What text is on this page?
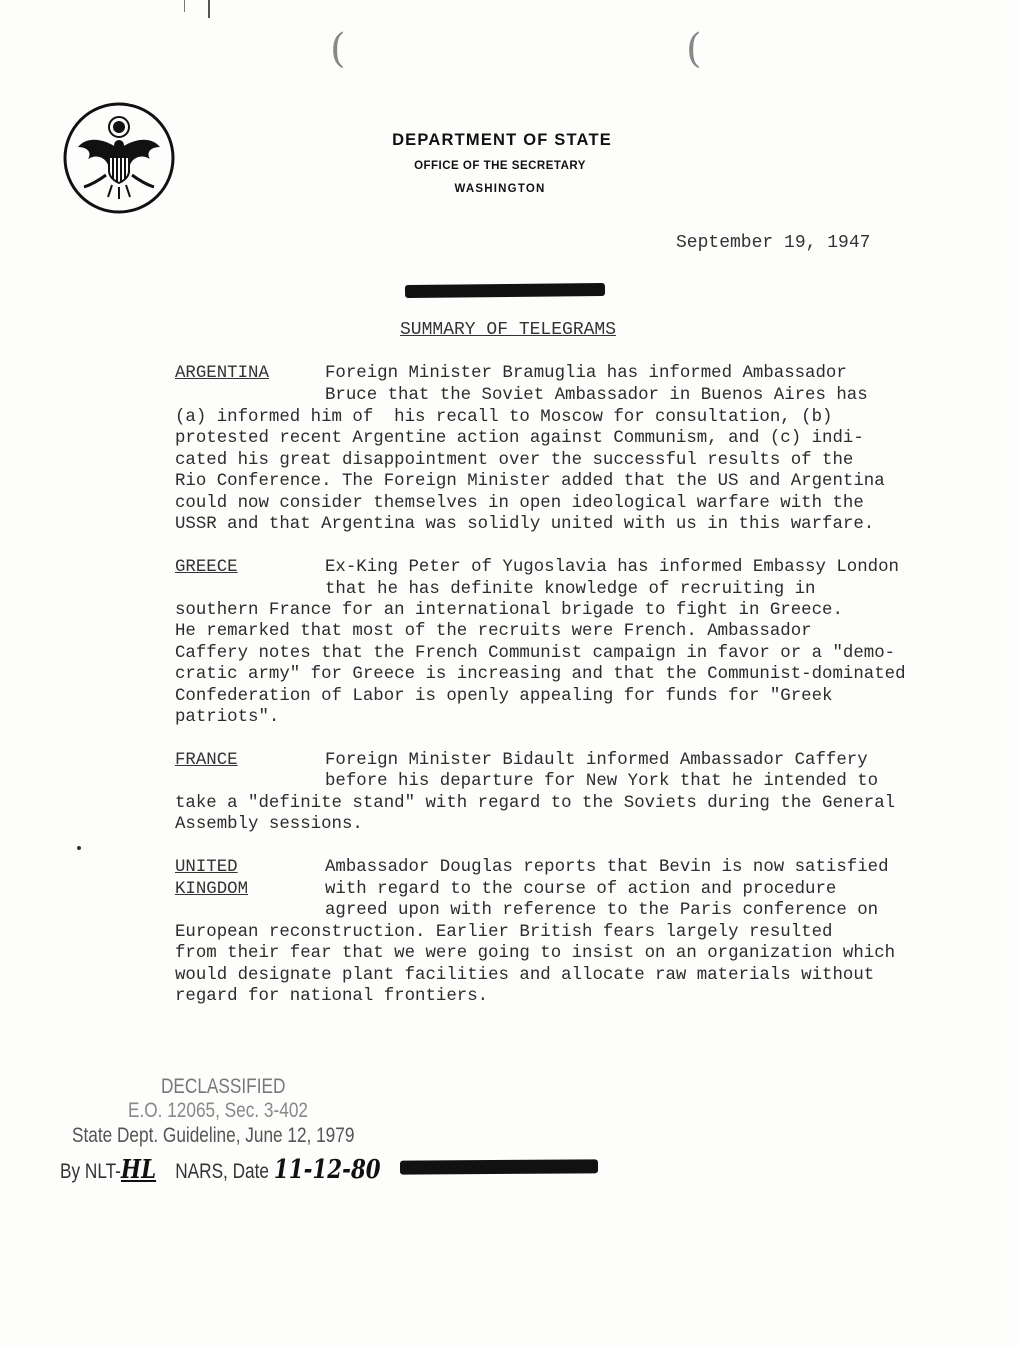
(	(
DEPARTMENT OF STATE
OFFICE OF THE SECRETARY
WASHINGTON
September 19, 1947
SUMMARY OF TELEGRAMS
ARGENTINA	Foreign Minister Bramuglia has informed Ambassador
Bruce that the Soviet Ambassador in Buenos Aires has
(a) informed him of  his recall to Moscow for consultation, (b)
protested recent Argentine action against Communism, and (c) indi-
cated his great disappointment over the successful results of the
Rio Conference. The Foreign Minister added that the US and Argentina
could now consider themselves in open ideological warfare with the
USSR and that Argentina was solidly united with us in this warfare.
GREECE	Ex-King Peter of Yugoslavia has informed Embassy London
that he has definite knowledge of recruiting in
southern France for an international brigade to fight in Greece.
He remarked that most of the recruits were French. Ambassador
Caffery notes that the French Communist campaign in favor or a "demo-
cratic army" for Greece is increasing and that the Communist-dominated
Confederation of Labor is openly appealing for funds for "Greek
patriots".
FRANCE	Foreign Minister Bidault informed Ambassador Caffery
before his departure for New York that he intended to
take a "definite stand" with regard to the Soviets during the General
Assembly sessions.
UNITED
KINGDOM
Ambassador Douglas reports that Bevin is now satisfied
with regard to the course of action and procedure
agreed upon with reference to the Paris conference on
European reconstruction. Earlier British fears largely resulted
from their fear that we were going to insist on an organization which
would designate plant facilities and allocate raw materials without
regard for national frontiers.
DECLASSIFIED
E.O. 12065, Sec. 3-402
State Dept. Guideline, June 12, 1979
By NLT-HL NARS, Date 11-12-80
